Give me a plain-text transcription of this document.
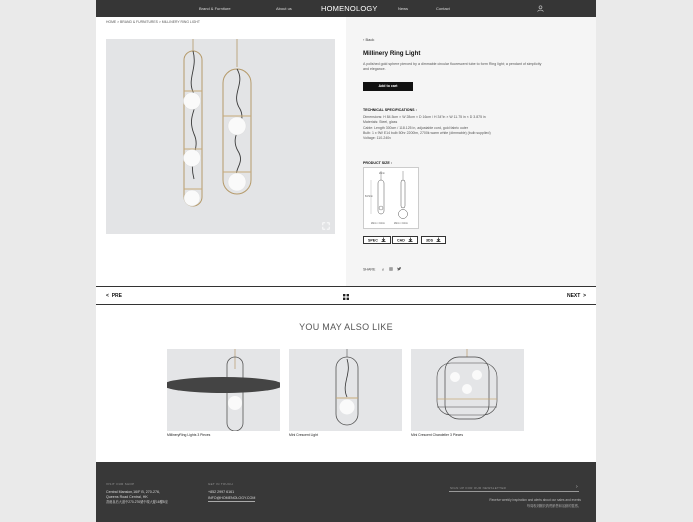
Brand & Furniture	About us	HOMENOLOGY	News	Contact
HOME > BRAND & FURNITURES > MILLINERY RING LIGHT
‹ Back
Millinery Ring Light
A polished gold sphere pierced by a dimmable circular fluorescent tube to form Ring light; a pendant of simplicity and elegance.
Add to cart
TECHNICAL SPECIFICATIONS :
Dimensions: H 84.5cm × W 28cm × D 16cm / H 34"in × W 11.75 in × D 3.875 in
Materials: Steel, glass
Cable: Length 300cm / 118.125 in, adjustable cord, gold fabric outer
Bulb: 1 x 9W E14 bulb 50hr 2200lm, 2700k warm white (dimmable) (bulb supplied)
Voltage: 110-240v
PRODUCT SIZE :
84.5cm
28cm
28cm × 16cm	28cm × 16cm
SPEC	CAD	3DS
SHARE f
<  PRE	NEXT  >
YOU MAY ALSO LIKE
MillineryRing Lights 3 Pieces	Mini Crescent Light	Mini Crescent Chandelier 3 Pieces
VISIT OUR SHOP
Central Mansion,16/F B, 270-276,
Queens Road Central, HK
香港皇后大道中270-276號中環大廈16樓B室
GET IN TOUCH
+852 2997 6161
INFO@HOMENOLOGY.COM
SIGN UP FOR OUR NEWSLETTER	›
Receive weekly inspiration and alerts about our sales and events
每周收到關於我們銷售和活動的靈感。
